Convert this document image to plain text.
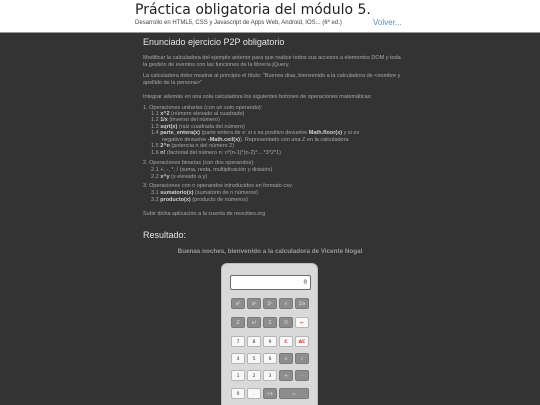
Práctica obligatoria del módulo 5.
Desarrollo en HTML5, CSS y Javascript de Apps Web, Android, IOS... (6ª ed.)	Volver...
Enunciado ejercicio P2P obligatorio
Modificar la calculadora del ejemplo anterior para que realice todos sus accesos a elementos DOM y toda la gestión de eventos con las funciones de la librería jQuery.
La calculadora debe mostrar al principio el título: "Buenos días, bienvenido a la calculadora de <nombre y apellido de la persona>"
Integrar además en una sola calculadora los siguientes botones de operaciones matemáticas:
1. Operaciones unitarias (con un solo operando):
1.1 x^2 (número elevado al cuadrado)
1.2 1/x (inverso del número)
1.3 sqrt(x) (raiz cuadrada del número)
1.4 parte_entera(x) (parte entera de x: si x es positivo devuelve Math.floor(x) y si es
negativo devuelve -Math.ceil(x)). Representado con una Z en la calculadora
1.5 2^n (potencia n del número 2)
1.6 n! (factorial del número n: n*(n-1)*(n-2)*....*3*2*1)
2. Operaciones binarias (con dos operandos):
2.1 +, -, *, / (suma, resta, multiplicación y división)
2.2 x^y (x elevado a y)
3. Operaciones con n operandos introducidos en formato csv:
3.1 sumatorio(x) (sumatorio de n números)
3.2 producto(x) (producto de números)
Subir dicha aplicación a la cuenta de neocities.org
Resultado:
Buenas noches, bienvenido a la calculadora de Vicente Nogal
0
x²	xʸ	2ⁿ	√	1/x
Z	n!	Σ	Π	←
7	8	9	C	AC
4	5	6	×	/
1	2	3	+	-
0	.	-/+	=
